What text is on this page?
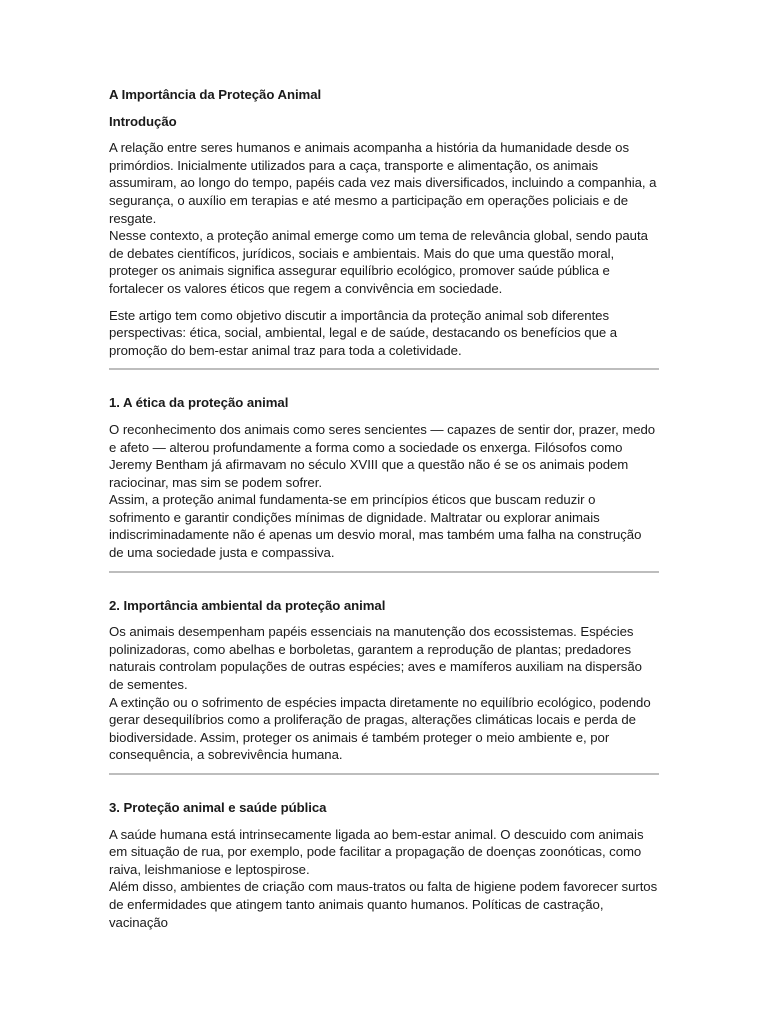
A Importância da Proteção Animal
Introdução

A relação entre seres humanos e animais acompanha a história da humanidade desde os primórdios. Inicialmente utilizados para a caça, transporte e alimentação, os animais assumiram, ao longo do tempo, papéis cada vez mais diversificados, incluindo a companhia, a segurança, o auxílio em terapias e até mesmo a participação em operações policiais e de resgate.

Nesse contexto, a proteção animal emerge como um tema de relevância global, sendo pauta de debates científicos, jurídicos, sociais e ambientais. Mais do que uma questão moral, proteger os animais significa assegurar equilíbrio ecológico, promover saúde pública e fortalecer os valores éticos que regem a convivência em sociedade.

Este artigo tem como objetivo discutir a importância da proteção animal sob diferentes perspectivas: ética, social, ambiental, legal e de saúde, destacando os benefícios que a promoção do bem-estar animal traz para toda a coletividade.

1. A ética da proteção animal

O reconhecimento dos animais como seres sencientes — capazes de sentir dor, prazer, medo e afeto — alterou profundamente a forma como a sociedade os enxerga. Filósofos como Jeremy Bentham já afirmavam no século XVIII que a questão não é se os animais podem raciocinar, mas sim se podem sofrer.

Assim, a proteção animal fundamenta-se em princípios éticos que buscam reduzir o sofrimento e garantir condições mínimas de dignidade. Maltratar ou explorar animais indiscriminadamente não é apenas um desvio moral, mas também uma falha na construção de uma sociedade justa e compassiva.

2. Importância ambiental da proteção animal

Os animais desempenham papéis essenciais na manutenção dos ecossistemas. Espécies polinizadoras, como abelhas e borboletas, garantem a reprodução de plantas; predadores naturais controlam populações de outras espécies; aves e mamíferos auxiliam na dispersão de sementes.

A extinção ou o sofrimento de espécies impacta diretamente no equilíbrio ecológico, podendo gerar desequilíbrios como a proliferação de pragas, alterações climáticas locais e perda de biodiversidade. Assim, proteger os animais é também proteger o meio ambiente e, por consequência, a sobrevivência humana.

3. Proteção animal e saúde pública

A saúde humana está intrinsecamente ligada ao bem-estar animal. O descuido com animais em situação de rua, por exemplo, pode facilitar a propagação de doenças zoonóticas, como raiva, leishmaniose e leptospirose.

Além disso, ambientes de criação com maus-tratos ou falta de higiene podem favorecer surtos de enfermidades que atingem tanto animais quanto humanos. Políticas de castração, vacinação
